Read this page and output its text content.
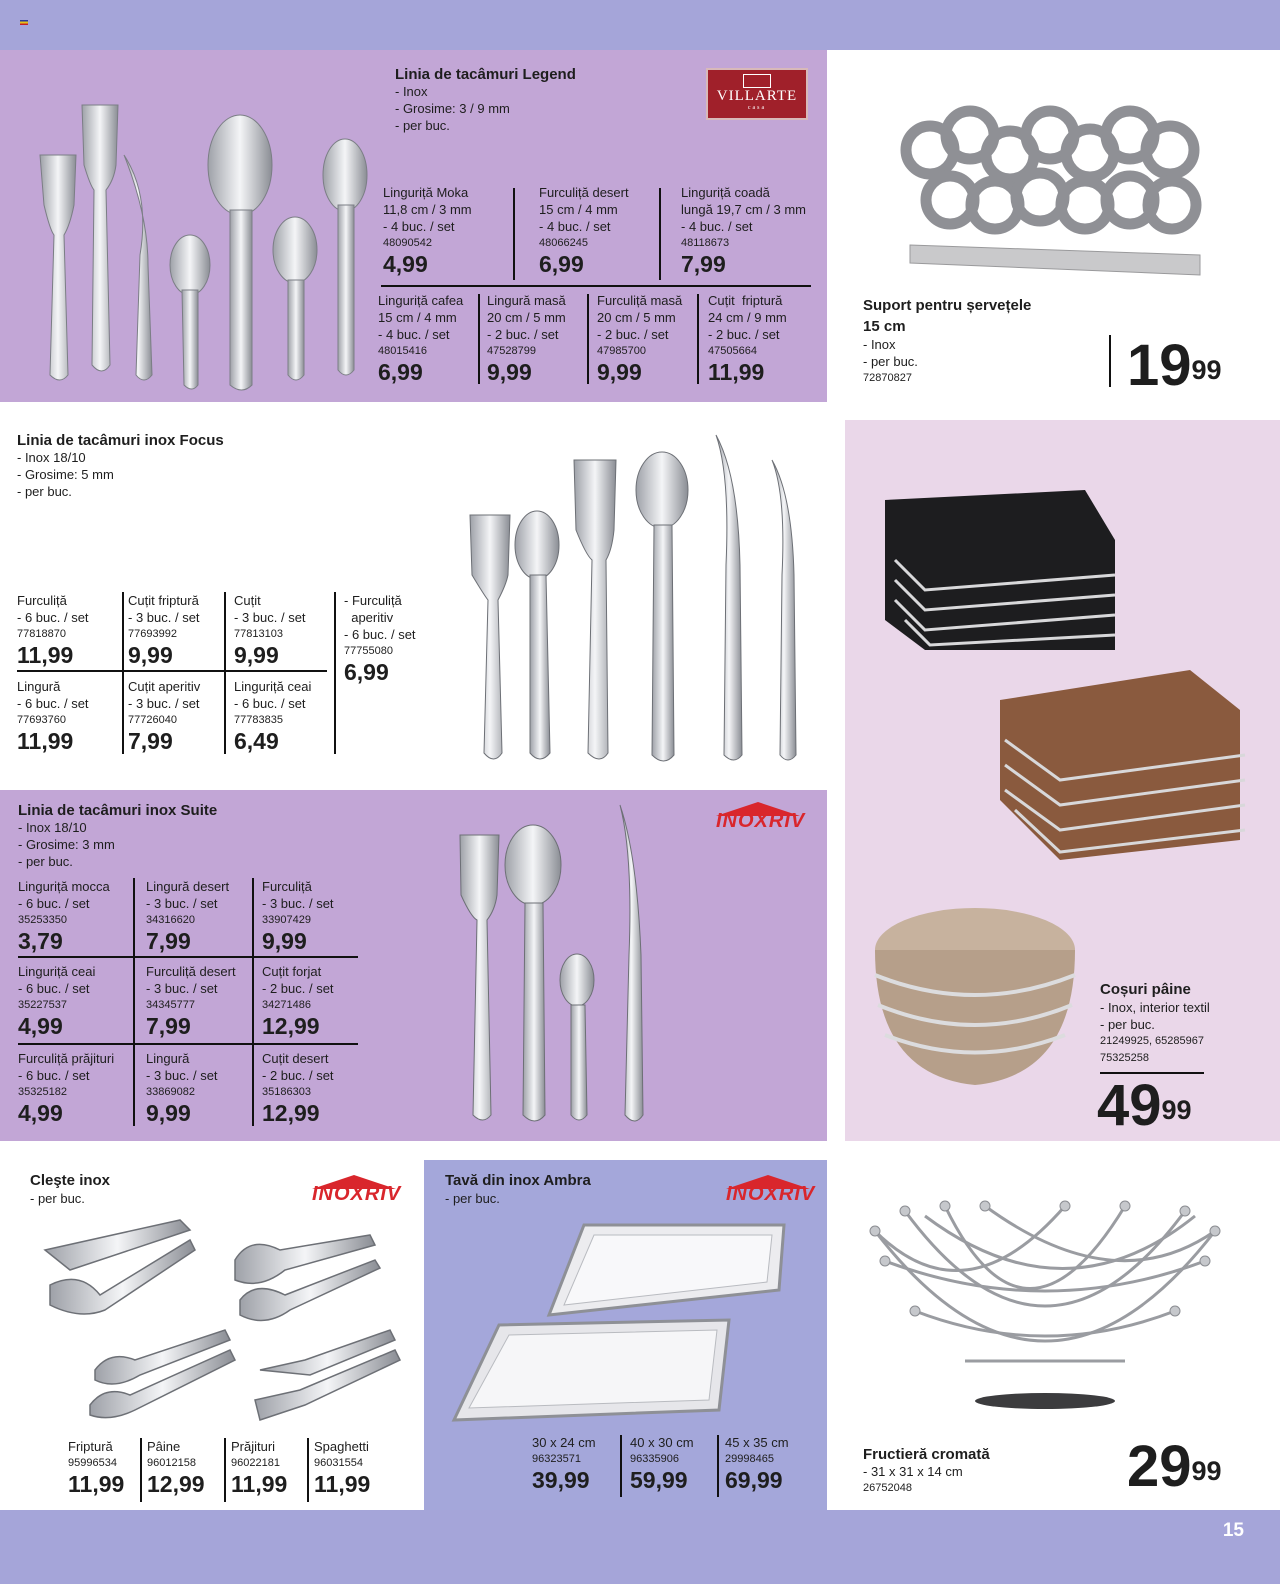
15
Linia de tacâmuri Legend
- Inox
- Grosime: 3 / 9 mm
- per buc.
VILLARTE
casa
Linguriță Moka
11,8 cm / 3 mm
- 4 buc. / set
48090542
4,99
Furculiță desert
15 cm / 4 mm
- 4 buc. / set
48066245
6,99
Linguriță coadă
lungă 19,7 cm / 3 mm
- 4 buc. / set
48118673
7,99
Linguriță cafea
15 cm / 4 mm
- 4 buc. / set
48015416
6,99
Lingură masă
20 cm / 5 mm
- 2 buc. / set
47528799
9,99
Furculiță masă
20 cm / 5 mm
- 2 buc. / set
47985700
9,99
Cuțit  friptură
24 cm / 9 mm
- 2 buc. / set
47505664
11,99
Suport pentru șervețele
15 cm
- Inox
- per buc.
72870827	$19^{99}$
Linia de tacâmuri inox Focus
- Inox 18/10
- Grosime: 5 mm
- per buc.
Furculiță
- 6 buc. / set
77818870
11,99
Cuțit friptură
- 3 buc. / set
77693992
9,99
Cuțit
- 3 buc. / set
77813103
9,99
- Furculiță
aperitiv
- 6 buc. / set
77755080
6,99
Lingură
- 6 buc. / set
77693760
11,99
Cuțit aperitiv
- 3 buc. / set
77726040
7,99
Linguriță ceai
- 6 buc. / set
77783835
6,49
Coșuri pâine
- Inox, interior textil
- per buc.
21249925, 65285967
75325258
$49^{99}$
Linia de tacâmuri inox Suite
- Inox 18/10
- Grosime: 3 mm
- per buc.
INOXRIV
Linguriță mocca
- 6 buc. / set
35253350
3,79
Lingură desert
- 3 buc. / set
34316620
7,99
Furculiță
- 3 buc. / set
33907429
9,99
Linguriță ceai
- 6 buc. / set
35227537
4,99
Furculiță desert
- 3 buc. / set
34345777
7,99
Cuțit forjat
- 2 buc. / set
34271486
12,99
Furculiță prăjituri
- 6 buc. / set
35325182
4,99
Lingură
- 3 buc. / set
33869082
9,99
Cuțit desert
- 2 buc. / set
35186303
12,99
Cleşte inox
- per buc.	INOXRIV
Friptură
95996534
11,99
Pâine
96012158
12,99
Prăjituri
96022181
11,99
Spaghetti
96031554
11,99
Tavă din inox Ambra
- per buc.	INOXRIV
30 x 24 cm
96323571
39,99
40 x 30 cm
96335906
59,99
45 x 35 cm
29998465
69,99
Fructieră cromată
- 31 x 31 x 14 cm
26752048	$29^{99}$
